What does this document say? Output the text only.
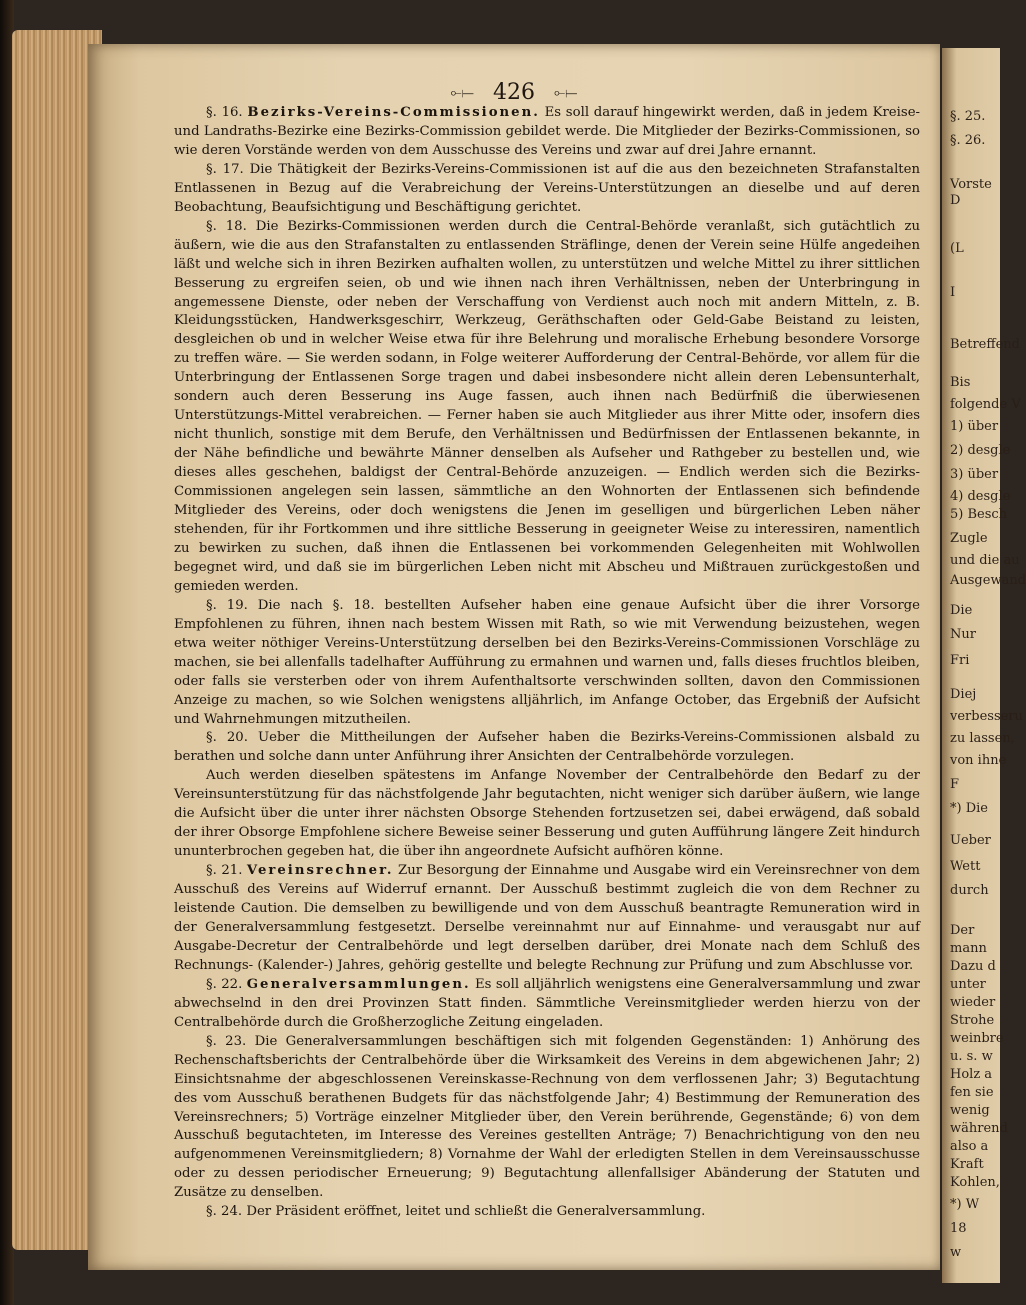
⟜⟝ 426 ⟜⟝

§. 16. Bezirks-Vereins-Commissionen. Es soll darauf hingewirkt werden, daß in jedem Kreise- und Landraths-Bezirke eine Bezirks-Commission gebildet werde. Die Mitglieder der Bezirks-Commissionen, so wie deren Vorstände werden von dem Ausschusse des Vereins und zwar auf drei Jahre ernannt.

§. 17. Die Thätigkeit der Bezirks-Vereins-Commissionen ist auf die aus den bezeichneten Strafanstalten Entlassenen in Bezug auf die Verabreichung der Vereins-Unterstützungen an dieselbe und auf deren Beobachtung, Beaufsichtigung und Beschäftigung gerichtet.

§. 18. Die Bezirks-Commissionen werden durch die Central-Behörde veranlaßt, sich gutächtlich zu äußern, wie die aus den Strafanstalten zu entlassenden Sträflinge, denen der Verein seine Hülfe angedeihen läßt und welche sich in ihren Bezirken aufhalten wollen, zu unterstützen und welche Mittel zu ihrer sittlichen Besserung zu ergreifen seien, ob und wie ihnen nach ihren Verhältnissen, neben der Unterbringung in angemessene Dienste, oder neben der Verschaffung von Verdienst auch noch mit andern Mitteln, z. B. Kleidungsstücken, Handwerksgeschirr, Werkzeug, Geräthschaften oder Geld-Gabe Beistand zu leisten, desgleichen ob und in welcher Weise etwa für ihre Belehrung und moralische Erhebung besondere Vorsorge zu treffen wäre. — Sie werden sodann, in Folge weiterer Aufforderung der Central-Behörde, vor allem für die Unterbringung der Entlassenen Sorge tragen und dabei insbesondere nicht allein deren Lebensunterhalt, sondern auch deren Besserung ins Auge fassen, auch ihnen nach Bedürfniß die überwiesenen Unterstützungs-Mittel verabreichen. — Ferner haben sie auch Mitglieder aus ihrer Mitte oder, insofern dies nicht thunlich, sonstige mit dem Berufe, den Verhältnissen und Bedürfnissen der Entlassenen bekannte, in der Nähe befindliche und bewährte Männer denselben als Aufseher und Rathgeber zu bestellen und, wie dieses alles geschehen, baldigst der Central-Behörde anzuzeigen. — Endlich werden sich die Bezirks-Commissionen angelegen sein lassen, sämmtliche an den Wohnorten der Entlassenen sich befindende Mitglieder des Vereins, oder doch wenigstens die Jenen im geselligen und bürgerlichen Leben näher stehenden, für ihr Fortkommen und ihre sittliche Besserung in geeigneter Weise zu interessiren, namentlich zu bewirken zu suchen, daß ihnen die Entlassenen bei vorkommenden Gelegenheiten mit Wohlwollen begegnet wird, und daß sie im bürgerlichen Leben nicht mit Abscheu und Mißtrauen zurückgestoßen und gemieden werden.

§. 19. Die nach §. 18. bestellten Aufseher haben eine genaue Aufsicht über die ihrer Vorsorge Empfohlenen zu führen, ihnen nach bestem Wissen mit Rath, so wie mit Verwendung beizustehen, wegen etwa weiter nöthiger Vereins-Unterstützung derselben bei den Bezirks-Vereins-Commissionen Vorschläge zu machen, sie bei allenfalls tadelhafter Aufführung zu ermahnen und warnen und, falls dieses fruchtlos bleiben, oder falls sie versterben oder von ihrem Aufenthaltsorte verschwinden sollten, davon den Commissionen Anzeige zu machen, so wie Solchen wenigstens alljährlich, im Anfange October, das Ergebniß der Aufsicht und Wahrnehmungen mitzutheilen.

§. 20. Ueber die Mittheilungen der Aufseher haben die Bezirks-Vereins-Commissionen alsbald zu berathen und solche dann unter Anführung ihrer Ansichten der Centralbehörde vorzulegen.

Auch werden dieselben spätestens im Anfange November der Centralbehörde den Bedarf zu der Vereinsunterstützung für das nächstfolgende Jahr begutachten, nicht weniger sich darüber äußern, wie lange die Aufsicht über die unter ihrer nächsten Obsorge Stehenden fortzusetzen sei, dabei erwägend, daß sobald der ihrer Obsorge Empfohlene sichere Beweise seiner Besserung und guten Aufführung längere Zeit hindurch ununterbrochen gegeben hat, die über ihn angeordnete Aufsicht aufhören könne.

§. 21. Vereinsrechner. Zur Besorgung der Einnahme und Ausgabe wird ein Vereinsrechner von dem Ausschuß des Vereins auf Widerruf ernannt. Der Ausschuß bestimmt zugleich die von dem Rechner zu leistende Caution. Die demselben zu bewilligende und von dem Ausschuß beantragte Remuneration wird in der Generalversammlung festgesetzt. Derselbe vereinnahmt nur auf Einnahme- und verausgabt nur auf Ausgabe-Decretur der Centralbehörde und legt derselben darüber, drei Monate nach dem Schluß des Rechnungs- (Kalender-) Jahres, gehörig gestellte und belegte Rechnung zur Prüfung und zum Abschlusse vor.

§. 22. Generalversammlungen. Es soll alljährlich wenigstens eine Generalversammlung und zwar abwechselnd in den drei Provinzen Statt finden. Sämmtliche Vereinsmitglieder werden hierzu von der Centralbehörde durch die Großherzogliche Zeitung eingeladen.

§. 23. Die Generalversammlungen beschäftigen sich mit folgenden Gegenständen: 1) Anhörung des Rechenschaftsberichts der Centralbehörde über die Wirksamkeit des Vereins in dem abgewichenen Jahr; 2) Einsichtsnahme der abgeschlossenen Vereinskasse-Rechnung von dem verflossenen Jahr; 3) Begutachtung des vom Ausschuß berathenen Budgets für das nächstfolgende Jahr; 4) Bestimmung der Remuneration des Vereinsrechners; 5) Vorträge einzelner Mitglieder über, den Verein berührende, Gegenstände; 6) von dem Ausschuß begutachteten, im Interesse des Vereines gestellten Anträge; 7) Benachrichtigung von den neu aufgenommenen Vereinsmitgliedern; 8) Vornahme der Wahl der erledigten Stellen in dem Vereinsausschusse oder zu dessen periodischer Erneuerung; 9) Begutachtung allenfallsiger Abänderung der Statuten und Zusätze zu denselben.

§. 24. Der Präsident eröffnet, leitet und schließt die Generalversammlung.

§. 25.
§. 26.
Vorste
D
(L
I
Betreffend
Bis
folgende V
1) über
2) desgle
3) über
4) desgle
5) Besch
Zugle
und die au
Ausgewand
Die
Nur
Fri
Diej
verbesseru
zu lassen,
von ihne
F
*) Die
Ueber
Wett
durch
Der
mann
Dazu d
unter
wieder
Strohe
weinbre
u. s. w
Holz a
fen sie
wenig
während
also a
Kraft
Kohlen,
*) W
18
w
